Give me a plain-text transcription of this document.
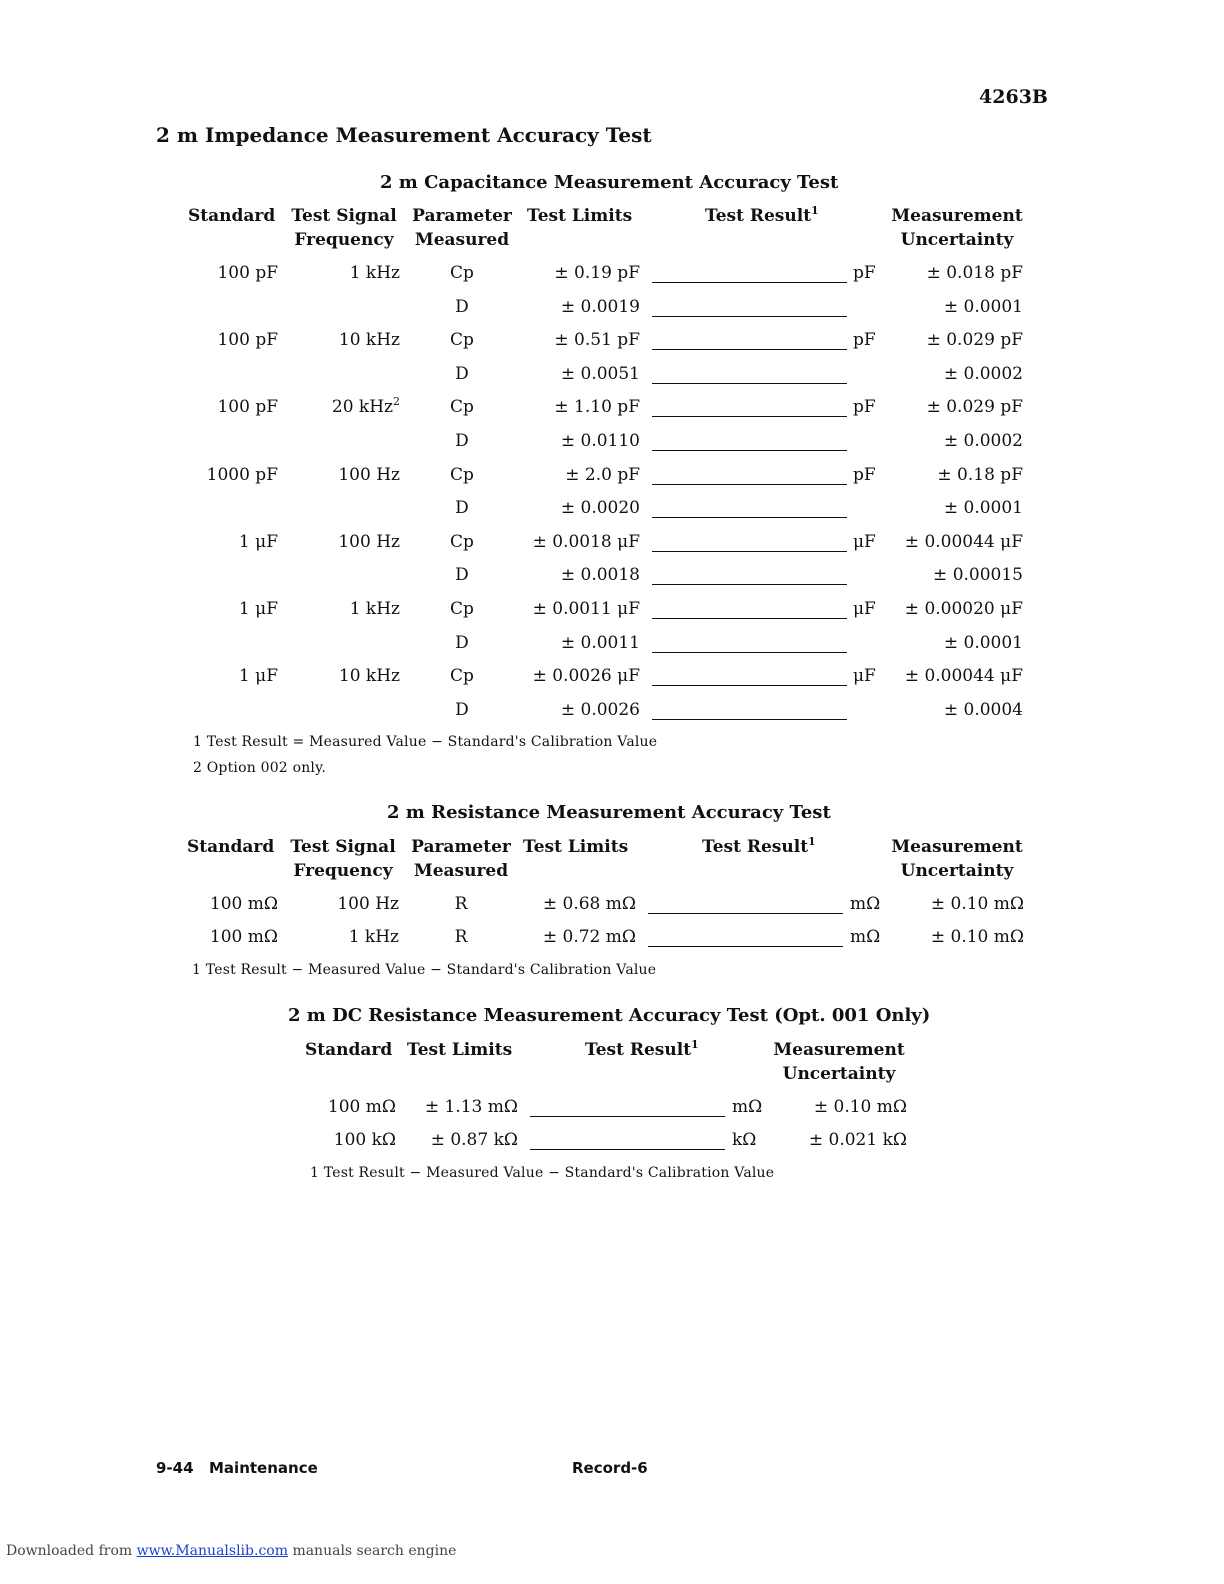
4263B
2 m Impedance Measurement Accuracy Test
2 m Capacitance Measurement Accuracy Test
Standard Test Signal
Frequency
Parameter
Measured
Test Limits	Test Result$^1$	Measurement
Uncertainty
100 pF	1 kHz	Cp	± 0.19 pF	pF	± 0.018 pF
D	± 0.0019	± 0.0001
100 pF	10 kHz	Cp	± 0.51 pF	pF	± 0.029 pF
D	± 0.0051	± 0.0002
100 pF	20 kHz$^2$	Cp	± 1.10 pF	pF	± 0.029 pF
D	± 0.0110	± 0.0002
1000 pF	100 Hz	Cp	± 2.0 pF	pF	± 0.18 pF
D	± 0.0020	± 0.0001
1 μF	100 Hz	Cp	± 0.0018 μF	μF ± 0.00044 μF
D	± 0.0018	± 0.00015
1 μF	1 kHz	Cp	± 0.0011 μF	μF ± 0.00020 μF
D	± 0.0011	± 0.0001
1 μF	10 kHz	Cp	± 0.0026 μF	μF ± 0.00044 μF
D	± 0.0026	± 0.0004
1 Test Result = Measured Value − Standard's Calibration Value
2 Option 002 only.
2 m Resistance Measurement Accuracy Test
Standard Test Signal
Frequency
Parameter
Measured
Test Limits	Test Result$^1$	Measurement
Uncertainty
100 mΩ	100 Hz	R	± 0.68 mΩ	mΩ	± 0.10 mΩ
100 mΩ	1 kHz	R	± 0.72 mΩ	mΩ	± 0.10 mΩ
1 Test Result − Measured Value − Standard's Calibration Value
2 m DC Resistance Measurement Accuracy Test (Opt. 001 Only)
Standard Test Limits	Test Result$^1$	Measurement
Uncertainty
100 mΩ ± 1.13 mΩ	mΩ	± 0.10 mΩ
100 kΩ ± 0.87 kΩ	kΩ	± 0.021 kΩ
1 Test Result − Measured Value − Standard's Calibration Value
9-44 Maintenance	Record-6
Downloaded from www.Manualslib.com manuals search engine
